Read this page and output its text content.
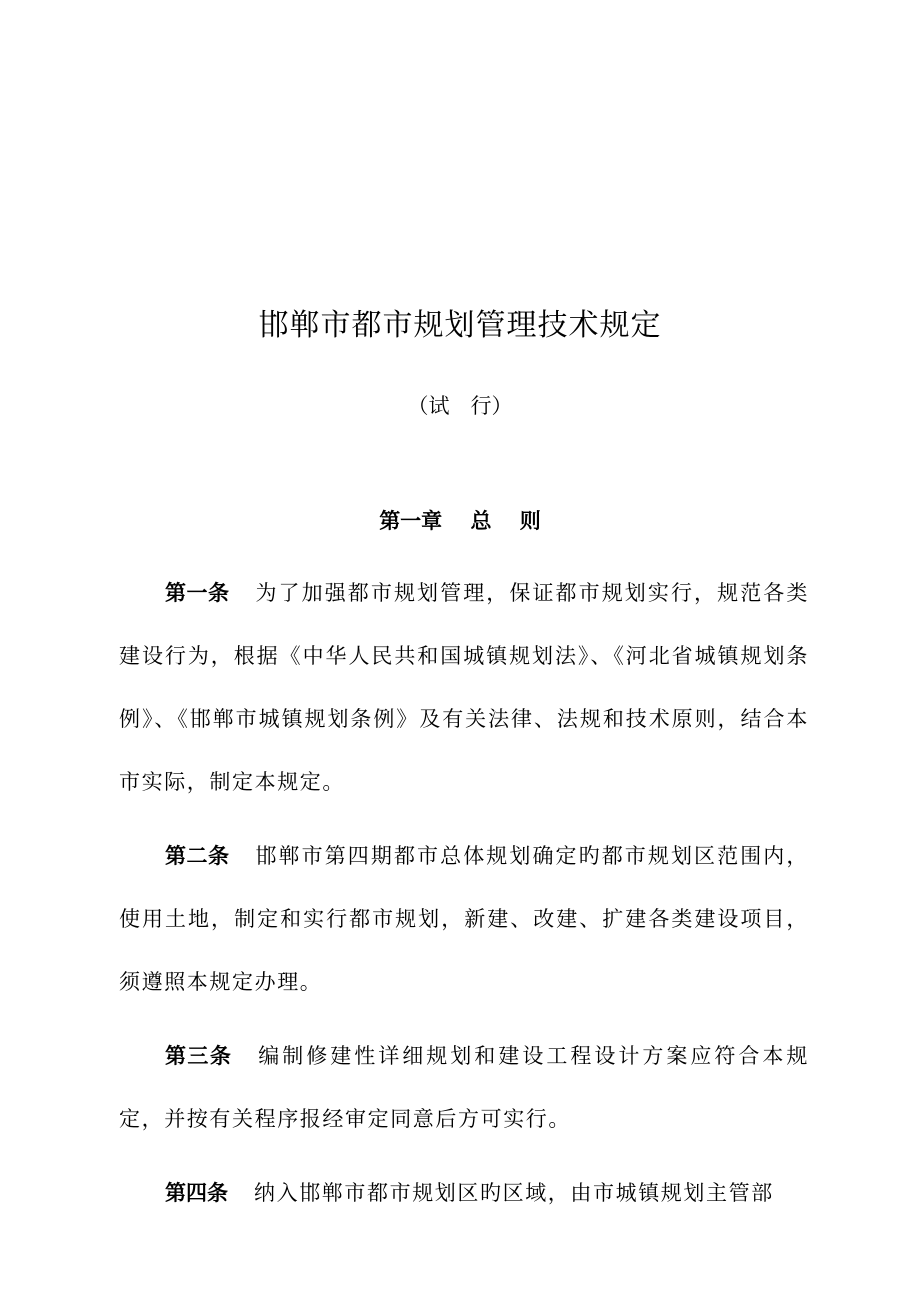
邯郸市都市规划管理技术规定
（试　行）
第一章　 总　 则

第一条 为了加强都市规划管理，保证都市规划实行，规范各类建设行为，根据《中华人民共和国城镇规划法》、《河北省城镇规划条例》、《邯郸市城镇规划条例》及有关法律、法规和技术原则，结合本市实际，制定本规定。

第二条 邯郸市第四期都市总体规划确定旳都市规划区范围内，使用土地，制定和实行都市规划，新建、改建、扩建各类建设项目，须遵照本规定办理。

第三条 编制修建性详细规划和建设工程设计方案应符合本规定，并按有关程序报经审定同意后方可实行。

第四条 纳入邯郸市都市规划区旳区域，由市城镇规划主管部
